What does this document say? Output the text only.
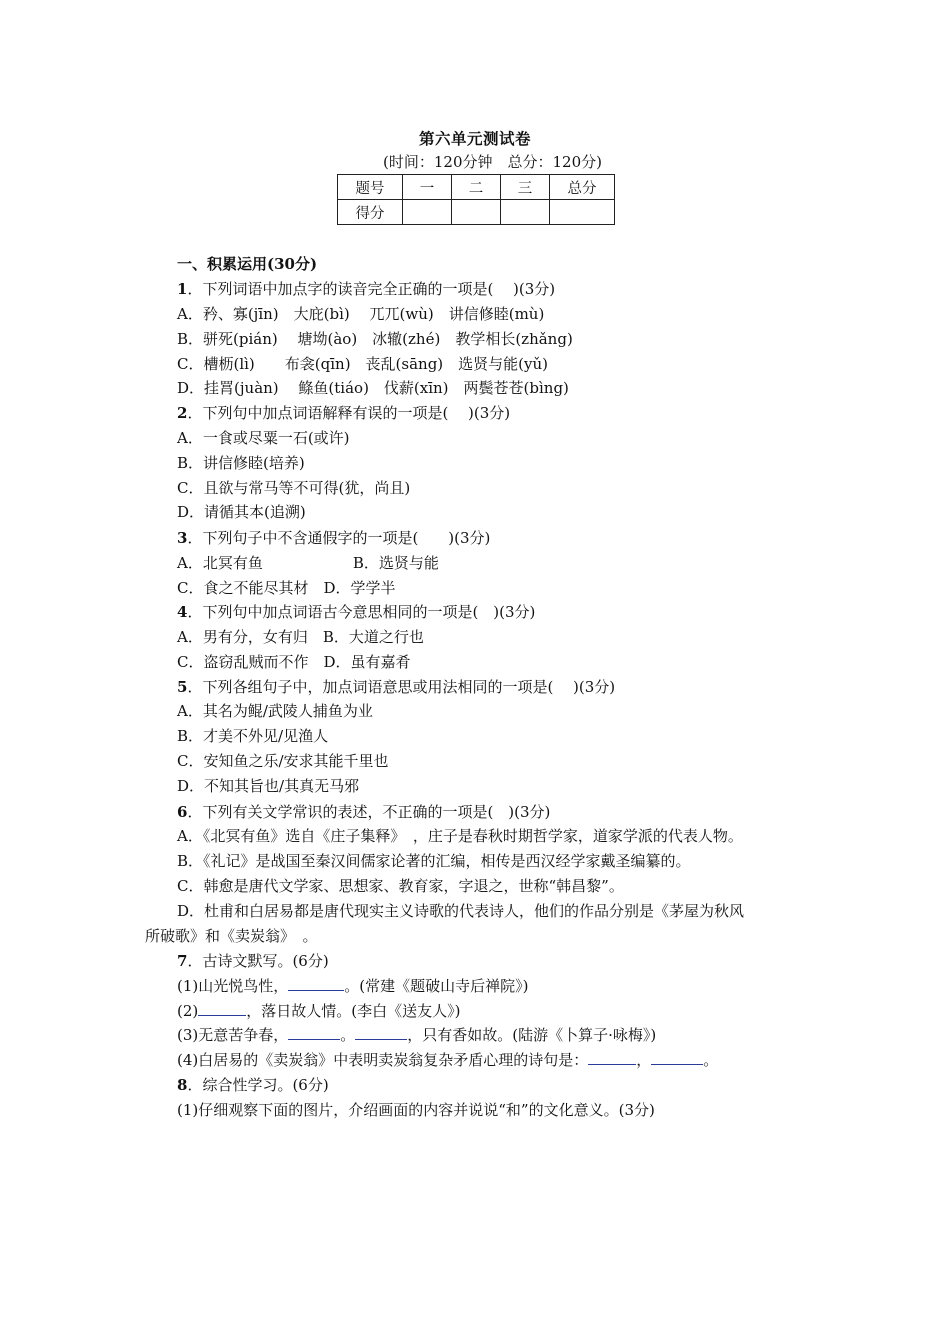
第六单元测试卷
(时间：120分钟　总分：120分)
题号	一	二	三	总分
得分				
一、积累运用(30分)
1．下列词语中加点字的读音完全正确的一项是(　 )(3分)
A．矜、寡(jīn)　大庇(bì)　 兀兀(wù)　讲信修睦(mù)
B．骈死(pián)　 塘坳(ào)　冰辙(zhé)　教学相长(zhǎng)
C．槽枥(lì)　　布衾(qīn)　丧乱(sāng)　选贤与能(yǔ)
D．挂罥(juàn)　 鲦鱼(tiáo)　伐薪(xīn)　两鬓苍苍(bìng)
2．下列句中加点词语解释有误的一项是(　 )(3分)
A．一食或尽粟一石(或许)
B．讲信修睦(培养)
C．且欲与常马等不可得(犹，尚且)
D．请循其本(追溯)
3．下列句子中不含通假字的一项是(　　)(3分)
A．北冥有鱼　　　　　　B．选贤与能
C．食之不能尽其材　D．学学半
4．下列句中加点词语古今意思相同的一项是(　)(3分)
A．男有分，女有归　B．大道之行也
C．盗窃乱贼而不作　D．虽有嘉肴
5．下列各组句子中，加点词语意思或用法相同的一项是(　 )(3分)
A．其名为鲲/武陵人捕鱼为业
B．才美不外见/见渔人
C．安知鱼之乐/安求其能千里也
D．不知其旨也/其真无马邪
6．下列有关文学常识的表述，不正确的一项是(　)(3分)
A．《北冥有鱼》选自《庄子集释》　，庄子是春秋时期哲学家，道家学派的代表人物。
B．《礼记》是战国至秦汉间儒家论著的汇编，相传是西汉经学家戴圣编纂的。
C．韩愈是唐代文学家、思想家、教育家，字退之，世称“韩昌黎”。
D．杜甫和白居易都是唐代现实主义诗歌的代表诗人，他们的作品分别是《茅屋为秋风
所破歌》和《卖炭翁》　。
7．古诗文默写。(6分)
(1)山光悦鸟性，	。(常建《题破山寺后禅院》)
(2)	，落日故人情。(李白《送友人》)
(3)无意苦争春，	。	，只有香如故。(陆游《卜算子·咏梅》)
(4)白居易的《卖炭翁》中表明卖炭翁复杂矛盾心理的诗句是：	，	。
8．综合性学习。(6分)
(1)仔细观察下面的图片，介绍画面的内容并说说“和”的文化意义。(3分)
